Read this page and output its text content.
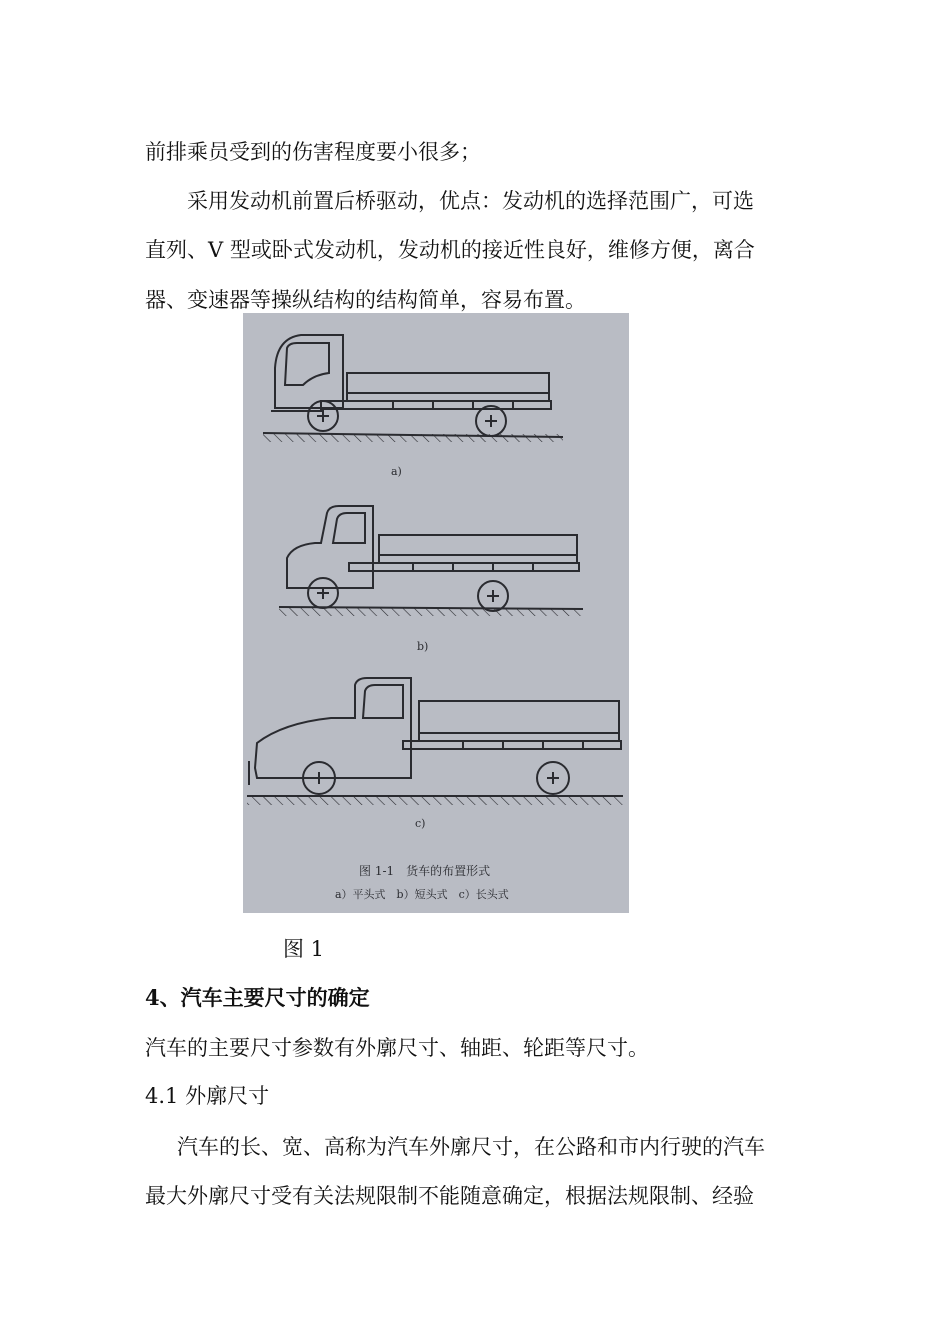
前排乘员受到的伤害程度要小很多；
采用发动机前置后桥驱动，优点：发动机的选择范围广，可选
直列、V 型或卧式发动机，发动机的接近性良好，维修方便，离合
器、变速器等操纵结构的结构简单，容易布置。
a)
b)
c)
图 1-1　货车的布置形式
a）平头式　b）短头式　c）长头式
图 1
4、汽车主要尺寸的确定
汽车的主要尺寸参数有外廓尺寸、轴距、轮距等尺寸。
4.1 外廓尺寸
汽车的长、宽、高称为汽车外廓尺寸，在公路和市内行驶的汽车
最大外廓尺寸受有关法规限制不能随意确定，根据法规限制、经验
